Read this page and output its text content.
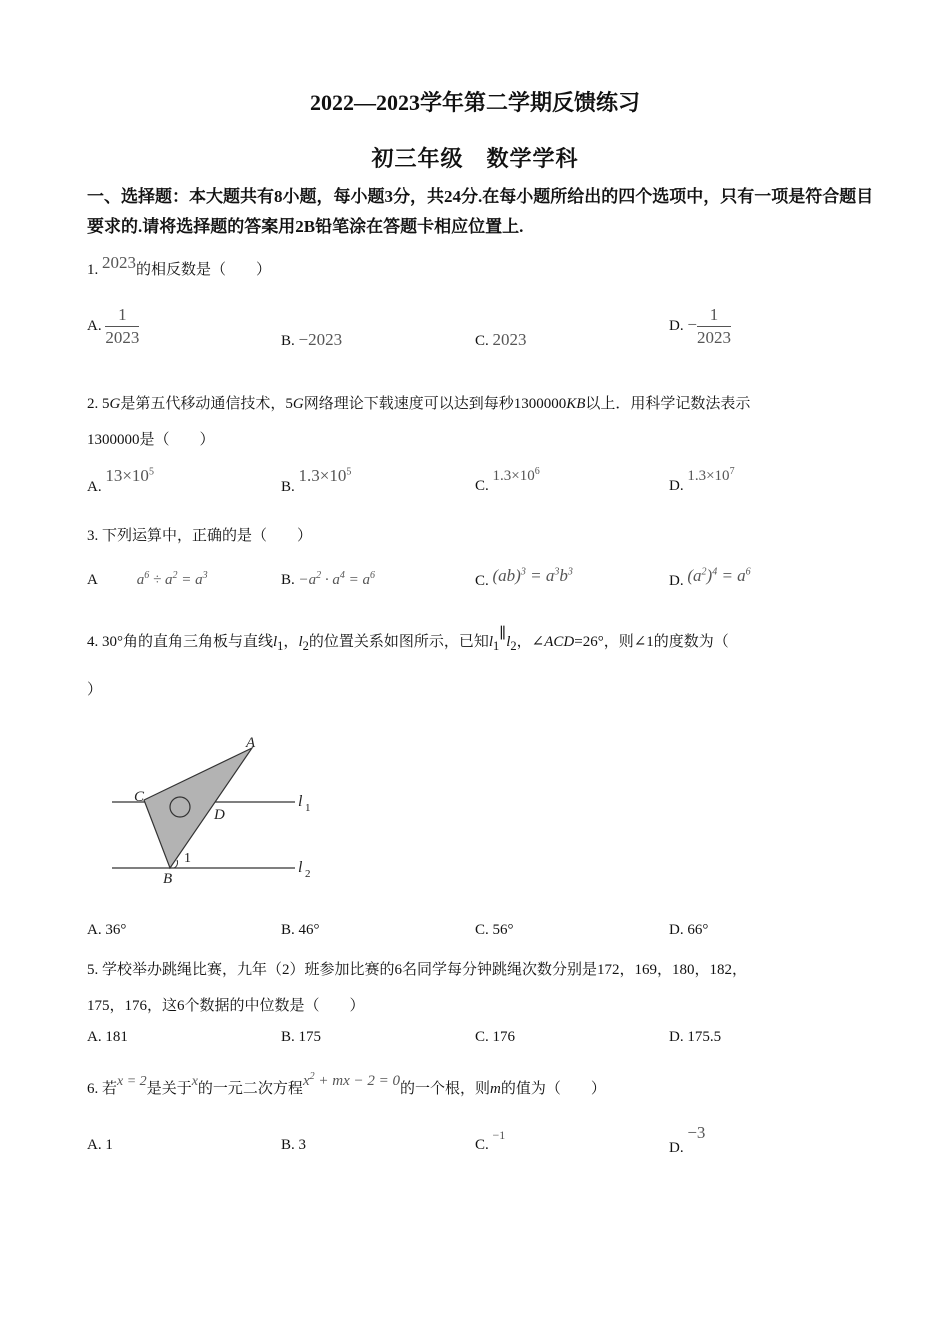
2022—2023学年第二学期反馈练习
初三年级　数学学科
一、选择题：本大题共有8小题，每小题3分，共24分.在每小题所给出的四个选项中，只有一项是符合题目要求的.请将选择题的答案用2B铅笔涂在答题卡相应位置上.
1. 2023的相反数是（　　）
A. $\frac{1}{2023}$	B. −2023	C. 2023
D. − $\frac{1}{2023}$
2. 5G是第五代移动通信技术，5G网络理论下载速度可以达到每秒1300000KB以上．用科学记数法表示
1300000是（　　）
A. $13\times 10^5$
B. $1.3\times 10^5$
C. $1.3\times 10^6$
D. $1.3\times 10^7$
3. 下列运算中，正确的是（　　）
A	$a^6 \div a^2 = a^3$	B. $-a^2 \cdot a^4 = a^6$	C. $(ab)^3 = a^3b^3$
D. $(a^2)^4 = a^6$
4. 30°角的直角三角板与直线$l_1$，$l_2$的位置关系如图所示，已知$l_1\parallel l_2$，∠ACD=26°，则∠1的度数为（
）
A
C
D
B
1
l 1
l 2
A. 36°	B. 46°	C. 56°	D. 66°
5. 学校举办跳绳比赛，九年（2）班参加比赛的6名同学每分钟跳绳次数分别是172，169，180，182，
175，176，这6个数据的中位数是（　　）
A. 181	B. 175	C. 176	D. 175.5
6. 若x = 2是关于x的一元二次方程$x^2$ + mx − 2 = 0的一个根，则m的值为（　　）
A. 1	B. 3	C. $^{-1}$
D. −3
